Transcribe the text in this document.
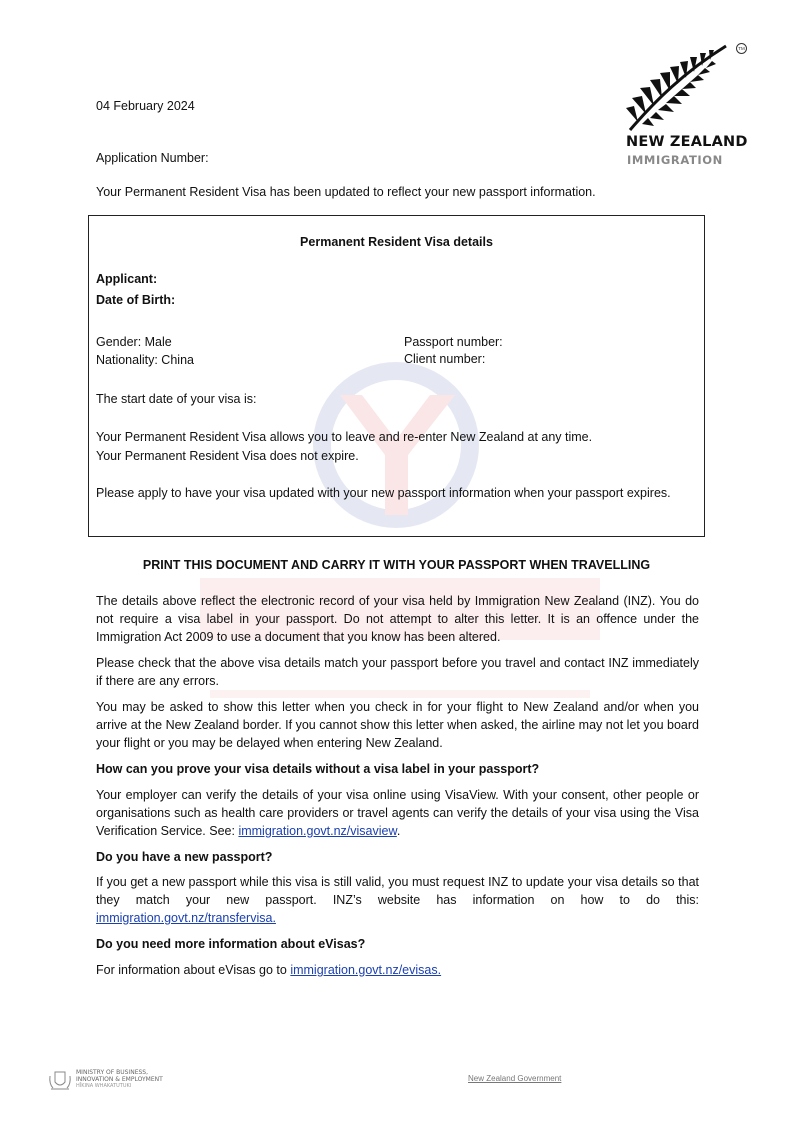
TM
NEW ZEALAND
IMMIGRATION
04 February 2024
Application Number:
Your Permanent Resident Visa has been updated to reflect your new passport information.
Permanent Resident Visa details
Applicant:
Date of Birth:
Gender: Male
Nationality: China
Passport number:
Client number:
The start date of your visa is:
Your Permanent Resident Visa allows you to leave and re-enter New Zealand at any time.
Your Permanent Resident Visa does not expire.
Please apply to have your visa updated with your new passport information when your passport expires.
PRINT THIS DOCUMENT AND CARRY IT WITH YOUR PASSPORT WHEN TRAVELLING
The details above reflect the electronic record of your visa held by Immigration New Zealand (INZ). You do not require a visa label in your passport. Do not attempt to alter this letter. It is an offence under the Immigration Act 2009 to use a document that you know has been altered.
Please check that the above visa details match your passport before you travel and contact INZ immediately if there are any errors.
You may be asked to show this letter when you check in for your flight to New Zealand and/or when you arrive at the New Zealand border. If you cannot show this letter when asked, the airline may not let you board your flight or you may be delayed when entering New Zealand.
How can you prove your visa details without a visa label in your passport?
Your employer can verify the details of your visa online using VisaView. With your consent, other people or organisations such as health care providers or travel agents can verify the details of your visa using the Visa Verification Service. See: immigration.govt.nz/visaview.
Do you have a new passport?
If you get a new passport while this visa is still valid, you must request INZ to update your visa details so that they match your new passport. INZ’s website has information on how to do this: immigration.govt.nz/transfervisa.
Do you need more information about eVisas?
For information about eVisas go to immigration.govt.nz/evisas.
MINISTRY OF BUSINESS,
INNOVATION & EMPLOYMENT
HĪKINA WHAKATUTUKI
New Zealand Government
